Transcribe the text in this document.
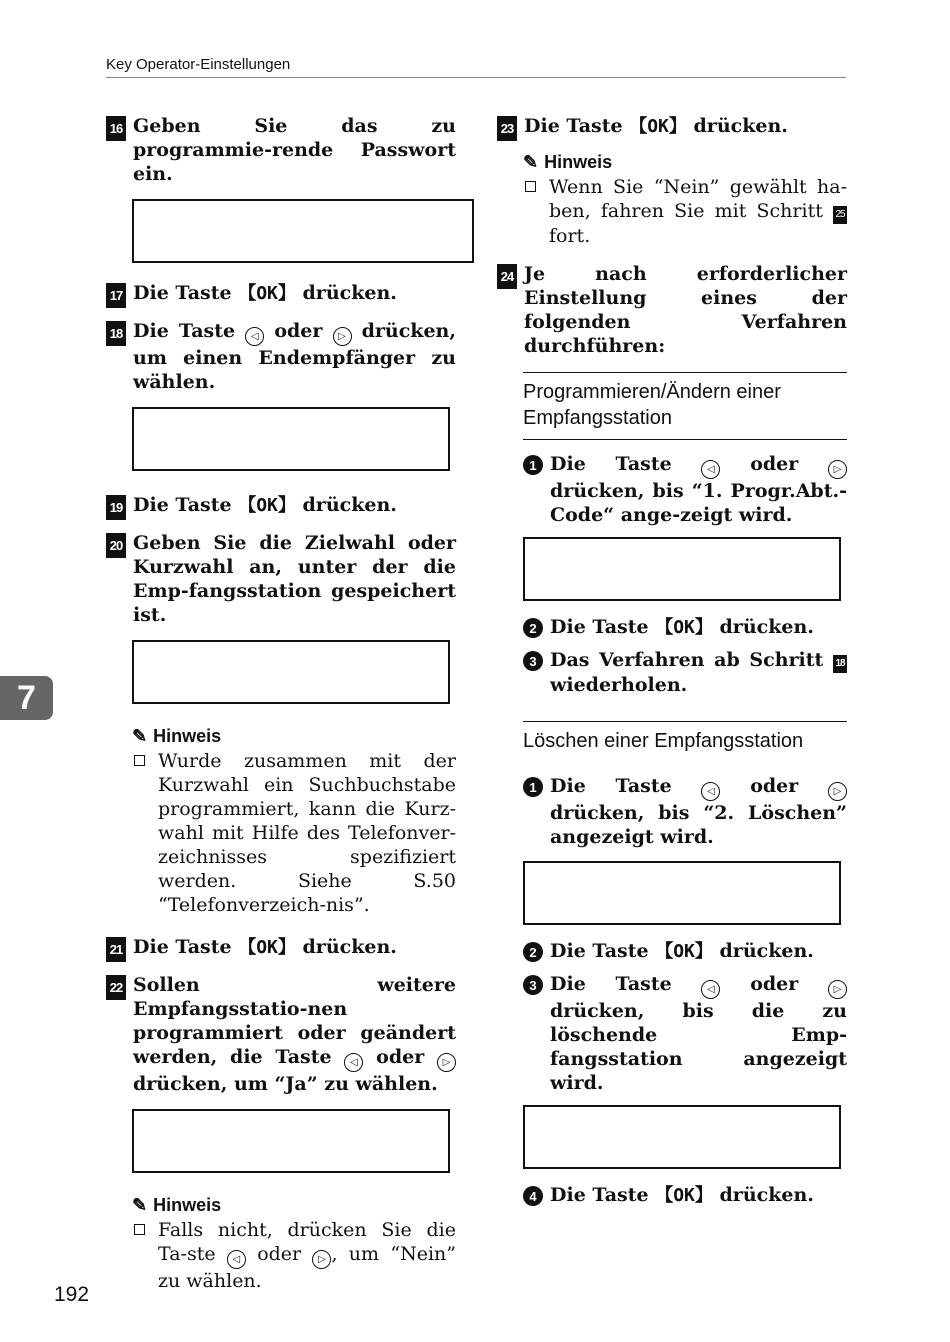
Key Operator-Einstellungen
7
192
16 Geben Sie das zu programmie-rende Passwort ein.

17 Die Taste 【OK】 drücken.
18 Die Taste ◁ oder ▷ drücken, um einen Endempfänger zu wählen.

19 Die Taste 【OK】 drücken.
20 Geben Sie die Zielwahl oder Kurzwahl an, unter der die Emp-fangsstation gespeichert ist.

✎ Hinweis
Wurde zusammen mit der Kurzwahl ein Suchbuchstabe programmiert, kann die Kurz-wahl mit Hilfe des Telefonver-zeichnisses spezifiziert werden. Siehe S.50 “Telefonverzeich-nis”.
21 Die Taste 【OK】 drücken.
22 Sollen weitere Empfangsstatio-nen programmiert oder geändert werden, die Taste ◁ oder ▷ drücken, um “Ja” zu wählen.

✎ Hinweis
Falls nicht, drücken Sie die Ta-ste ◁ oder ▷ , um “Nein” zu wählen.
23 Die Taste 【OK】 drücken.
✎ Hinweis
Wenn Sie “Nein” gewählt ha-ben, fahren Sie mit Schritt 25 fort.
24 Je nach erforderlicher Einstellung eines der folgenden Verfahren durchführen:
Programmieren/Ändern einer Empfangsstation
1 Die Taste ◁ oder ▷ drücken, bis “1. Progr.Abt.-Code“ ange-zeigt wird.

2 Die Taste 【OK】 drücken.
3 Das Verfahren ab Schritt 18 wiederholen.
Löschen einer Empfangsstation
1 Die Taste ◁ oder ▷ drücken, bis “2. Löschen” angezeigt wird.

2 Die Taste 【OK】 drücken.
3 Die Taste ◁ oder ▷ drücken, bis die zu löschende Emp-fangsstation angezeigt wird.

4 Die Taste 【OK】 drücken.
